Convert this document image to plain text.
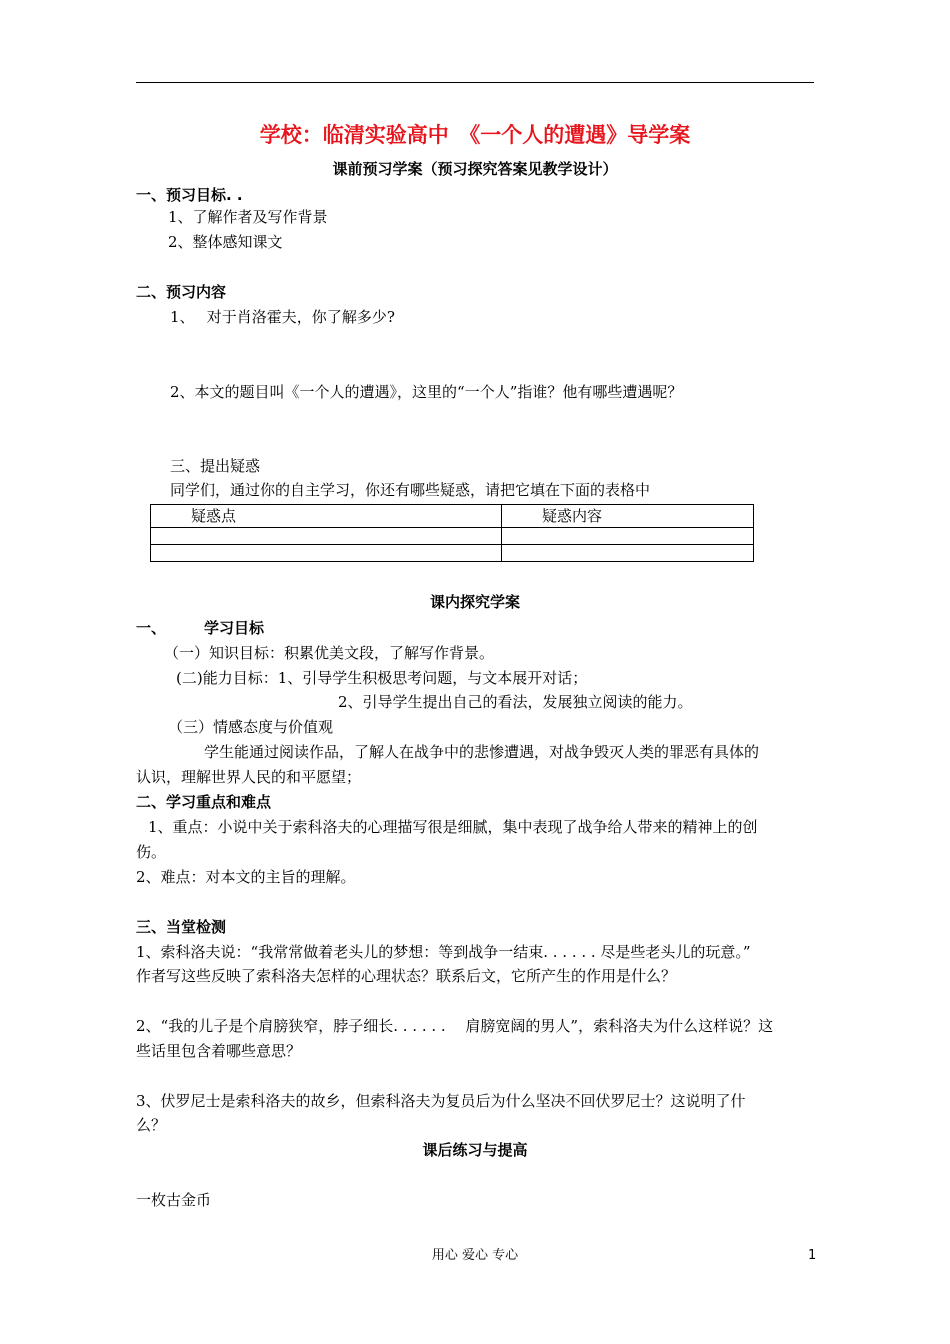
学校：临清实验高中　《一个人的遭遇》导学案
课前预习学案（预习探究答案见教学设计）
一、预习目标. .
1、了解作者及写作背景
2、整体感知课文
二、预习内容
1、　 对于肖洛霍夫，你了解多少?
2、本文的题目叫《一个人的遭遇》，这里的“一个人”指谁？他有哪些遭遇呢？
三、提出疑惑
同学们，通过你的自主学习，你还有哪些疑惑，请把它填在下面的表格中
疑惑点	疑惑内容

课内探究学案
一、	学习目标
（一）知识目标：积累优美文段，了解写作背景。
(二)能力目标：1、引导学生积极思考问题，与文本展开对话；
2、引导学生提出自己的看法，发展独立阅读的能力。
（三）情感态度与价值观
学生能通过阅读作品，了解人在战争中的悲惨遭遇，对战争毁灭人类的罪恶有具体的
认识，理解世界人民的和平愿望；
二、学习重点和难点
1、重点：小说中关于索科洛夫的心理描写很是细腻，集中表现了战争给人带来的精神上的创
伤。
2、难点：对本文的主旨的理解。
三、当堂检测
1、索科洛夫说：“我常常做着老头儿的梦想：等到战争一结束. . . . . . 尽是些老头儿的玩意。”
作者写这些反映了索科洛夫怎样的心理状态？联系后文，它所产生的作用是什么？
2、“我的儿子是个肩膀狭窄，脖子细长. . . . . . 　肩膀宽阔的男人”，索科洛夫为什么这样说？这
些话里包含着哪些意思？
3、伏罗尼士是索科洛夫的故乡，但索科洛夫为复员后为什么坚决不回伏罗尼士？这说明了什
么？
课后练习与提高
一枚古金币
用心 爱心 专心	1
